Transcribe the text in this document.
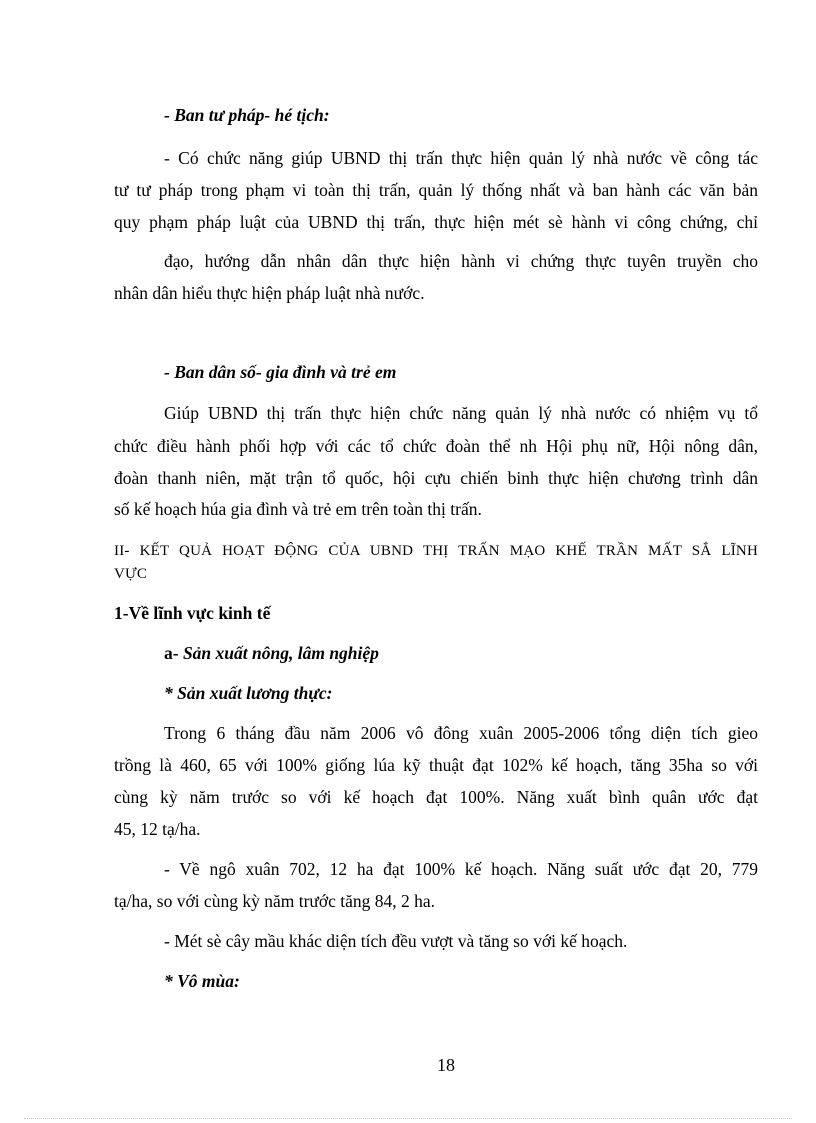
- Ban tư pháp- hé tịch:
- Có chức năng giúp UBND thị trấn thực hiện quản lý nhà nước về công tác
tư tư pháp trong phạm vi toàn thị trấn, quản lý thống nhất và ban hành các văn bản
quy phạm pháp luật của UBND thị trấn, thực hiện mét sè hành vi công chứng, chỉ
đạo, hướng dẫn nhân dân thực hiện hành vi chứng thực tuyên truyền cho
nhân dân hiểu thực hiện pháp luật nhà nước.
- Ban dân số- gia đình và trẻ em
Giúp UBND thị trấn thực hiện chức năng quản lý nhà nước có nhiệm vụ tổ
chức điều hành phối hợp với các tổ chức đoàn thể nh Hội phụ nữ, Hội nông dân,
đoàn thanh niên, mặt trận tổ quốc, hội cựu chiến binh thực hiện chương trình dân
số kế hoạch húa gia đình và trẻ em trên toàn thị trấn.
II- KẾT QUẢ HOẠT ĐỘNG CỦA UBND THỊ TRẤN MẠO KHẾ TRẦN MẤT SẮ LĨNH
VỰC
1-Về lĩnh vực kinh tế
a- Sản xuất nông, lâm nghiệp
* Sản xuất lương thực:
Trong 6 tháng đầu năm 2006 vô đông xuân 2005-2006 tổng diện tích gieo
trồng là 460, 65 với 100% giống lúa kỹ thuật đạt 102% kế hoạch, tăng 35ha so với
cùng kỳ năm trước so với kế hoạch đạt 100%. Năng xuất bình quân ước đạt
45, 12 tạ/ha.
- Về ngô xuân 702, 12 ha đạt 100% kế hoạch. Năng suất ước đạt 20, 779
tạ/ha, so với cùng kỳ năm trước tăng 84, 2 ha.
- Mét sè cây mầu khác diện tích đều vượt và tăng so với kế hoạch.
* Vô mùa:
18
